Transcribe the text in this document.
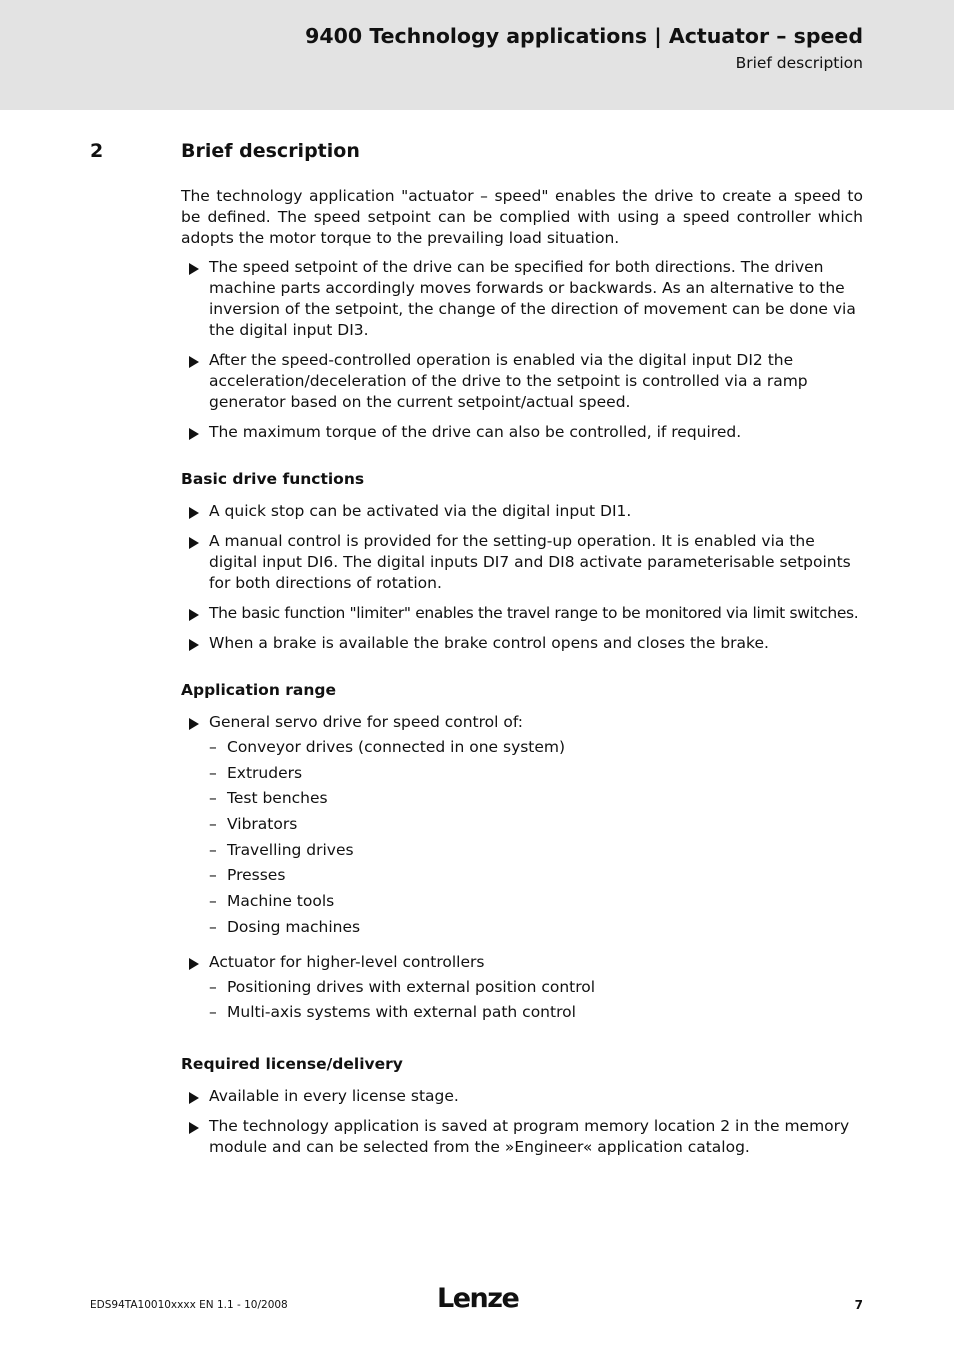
9400 Technology applications | Actuator – speed
Brief description
2	Brief description

The technology application "actuator – speed" enables the drive to create a speed to be defined. The speed setpoint can be complied with using a speed controller which adopts the motor torque to the prevailing load situation.

The speed setpoint of the drive can be specified for both directions. The driven machine parts accordingly moves forwards or backwards. As an alternative to the inversion of the setpoint, the change of the direction of movement can be done via the digital input DI3.
After the speed-controlled operation is enabled via the digital input DI2 the acceleration/deceleration of the drive to the setpoint is controlled via a ramp generator based on the current setpoint/actual speed.
The maximum torque of the drive can also be controlled, if required.
Basic drive functions
A quick stop can be activated via the digital input DI1.
A manual control is provided for the setting-up operation. It is enabled via the digital input DI6. The digital inputs DI7 and DI8 activate parameterisable setpoints for both directions of rotation.
The basic function "limiter" enables the travel range to be monitored via limit switches.
When a brake is available the brake control opens and closes the brake.
Application range
General servo drive for speed control of:
– Conveyor drives (connected in one system)
– Extruders
– Test benches
– Vibrators
– Travelling drives
– Presses
– Machine tools
– Dosing machines
Actuator for higher-level controllers
– Positioning drives with external position control
– Multi-axis systems with external path control
Required license/delivery
Available in every license stage.
The technology application is saved at program memory location 2 in the memory module and can be selected from the »Engineer« application catalog.
EDS94TA10010xxxx EN 1.1 - 10/2008	Lenze	7
